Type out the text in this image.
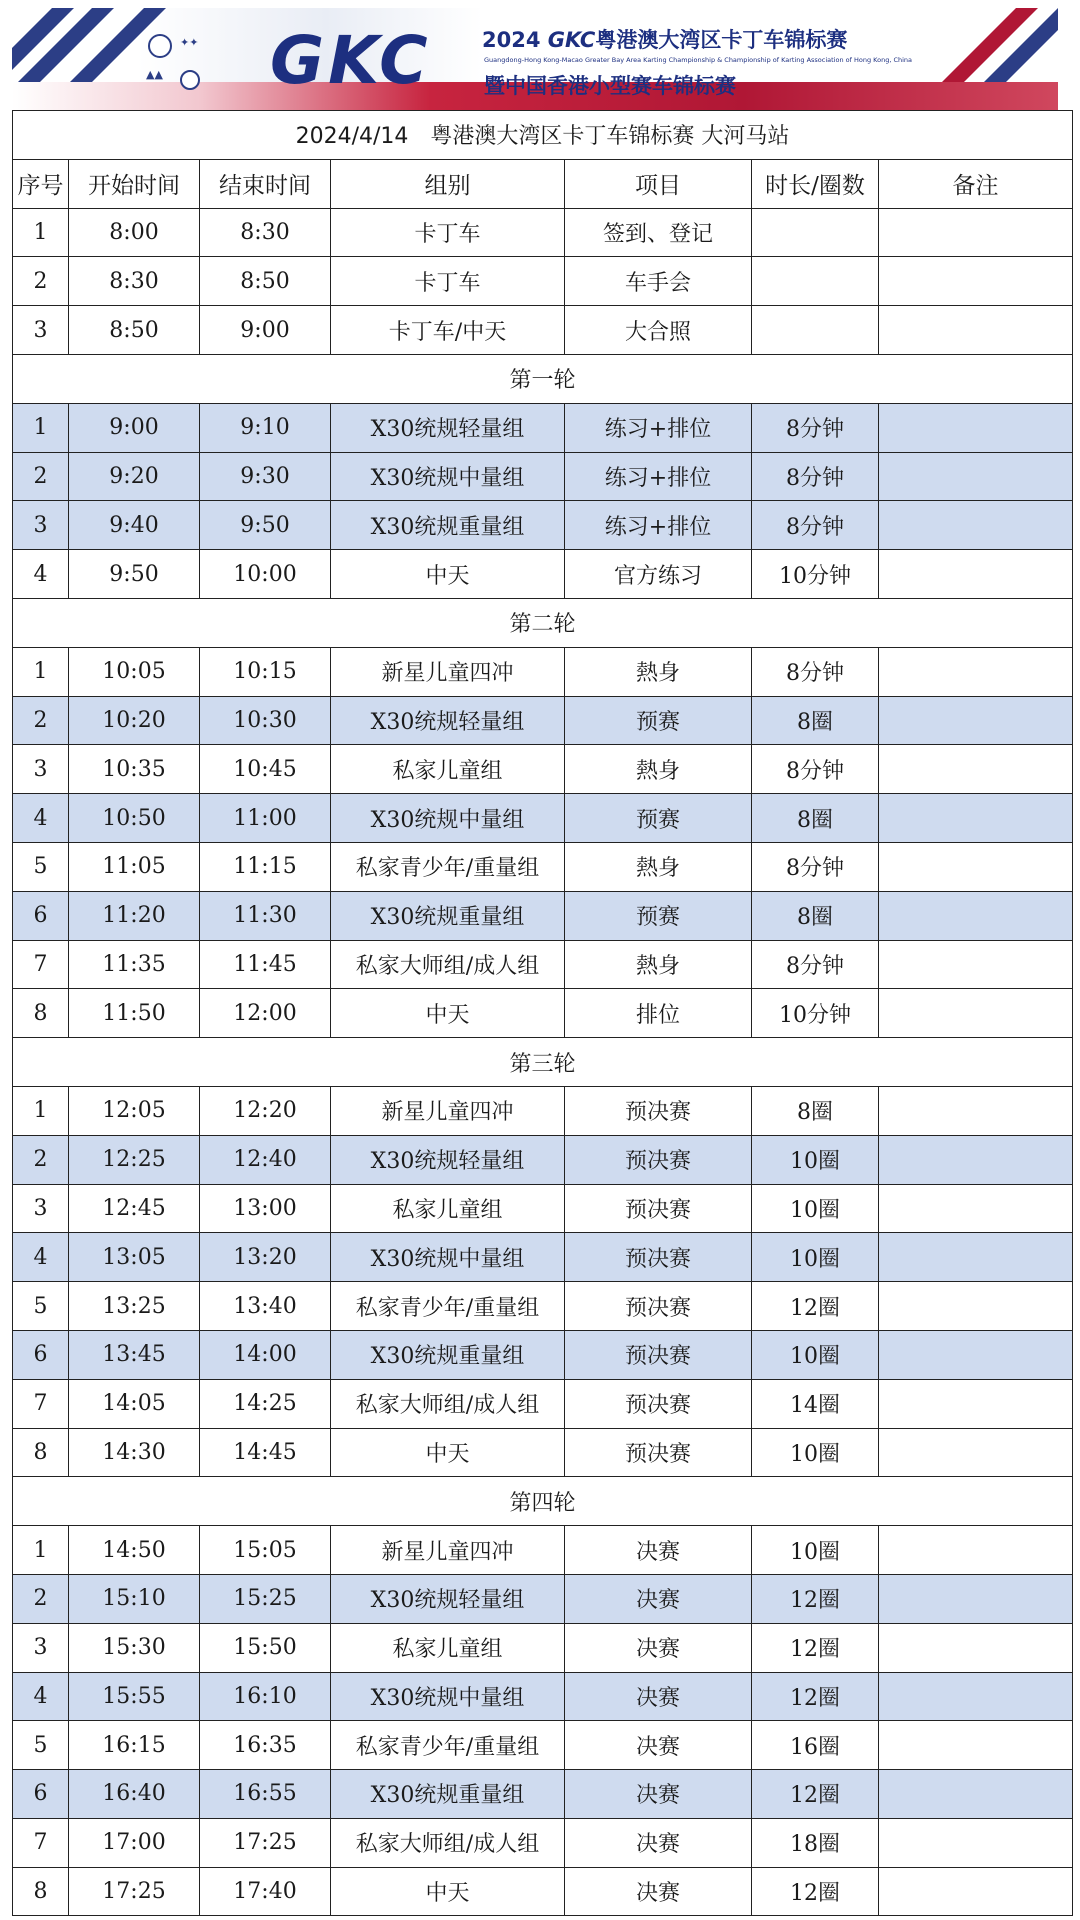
✦✦
▲▲ GKC 2024 GKC粤港澳大湾区卡丁车锦标赛
Guangdong-Hong Kong-Macao Greater Bay Area Karting Championship & Championship of Karting Association of Hong Kong, China
暨中国香港小型赛车锦标赛
2024/4/14　粤港澳大湾区卡丁车锦标赛 大河马站						
序号	开始时间	结束时间	组别	项目	时长/圈数	备注
1	8:00	8:30	卡丁车	签到、登记		
2	8:30	8:50	卡丁车	车手会		
3	8:50	9:00	卡丁车/中天	大合照		
第一轮						
1	9:00	9:10	X30统规轻量组	练习+排位	8分钟	
2	9:20	9:30	X30统规中量组	练习+排位	8分钟	
3	9:40	9:50	X30统规重量组	练习+排位	8分钟	
4	9:50	10:00	中天	官方练习	10分钟	
第二轮						
1	10:05	10:15	新星儿童四冲	熱身	8分钟	
2	10:20	10:30	X30统规轻量组	预赛	8圈	
3	10:35	10:45	私家儿童组	熱身	8分钟	
4	10:50	11:00	X30统规中量组	预赛	8圈	
5	11:05	11:15	私家青少年/重量组	熱身	8分钟	
6	11:20	11:30	X30统规重量组	预赛	8圈	
7	11:35	11:45	私家大师组/成人组	熱身	8分钟	
8	11:50	12:00	中天	排位	10分钟	
第三轮						
1	12:05	12:20	新星儿童四冲	预决赛	8圈	
2	12:25	12:40	X30统规轻量组	预决赛	10圈	
3	12:45	13:00	私家儿童组	预决赛	10圈	
4	13:05	13:20	X30统规中量组	预决赛	10圈	
5	13:25	13:40	私家青少年/重量组	预决赛	12圈	
6	13:45	14:00	X30统规重量组	预决赛	10圈	
7	14:05	14:25	私家大师组/成人组	预决赛	14圈	
8	14:30	14:45	中天	预决赛	10圈	
第四轮						
1	14:50	15:05	新星儿童四冲	决赛	10圈	
2	15:10	15:25	X30统规轻量组	决赛	12圈	
3	15:30	15:50	私家儿童组	决赛	12圈	
4	15:55	16:10	X30统规中量组	决赛	12圈	
5	16:15	16:35	私家青少年/重量组	决赛	16圈	
6	16:40	16:55	X30统规重量组	决赛	12圈	
7	17:00	17:25	私家大师组/成人组	决赛	18圈	
8	17:25	17:40	中天	决赛	12圈	
